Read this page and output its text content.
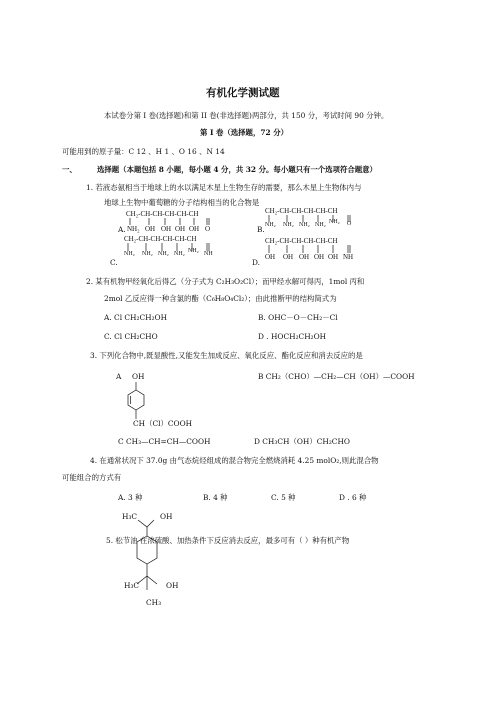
有机化学测试题
本试卷分第 I 卷(选择题)和第 II 卷(非选择题)两部分，共 150 分，考试时间 90 分钟。
第 I 卷（选择题，72 分）
可能用到的原子量：C 12 、H 1 、O 16 、N 14
一、	选择题（本题包括 8 小题，每小题 4 分，共 32 分。每小题只有一个选项符合题意）
1. 若液态氨相当于地球上的水以满足木星上生物生存的需要，那么木星上生物体内与
地球上生物中葡萄糖的分子结构相当的化合物是
CH₂-CH-CH-CH-CH-CH
NH₂ OH OH OH OH O
A.
CH₂-CH-CH-CH-CH-CH
NH₂ NH₂ NH₂ NH₂ NH₂ O
B.
CH₂-CH-CH-CH-CH-CH
NH₂ NH₂ NH₂ NH₂ NH₂ NH
C.
CH₂-CH-CH-CH-CH-CH
OH OH OH OH OH NH
D.
2. 某有机物甲经氧化后得乙（分子式为 C₂H₃O₂Cl）；而甲经水解可得丙，1mol 丙和
2mol 乙反应得一种含氯的酯（C₆H₈O₄Cl₂）；由此推断甲的结构简式为
A. Cl CH₂CH₂OH	B. OHC－O－CH₂－Cl
C. Cl CH₂CHO	D . HOCH₂CH₂OH
3. 下列化合物中,既显酸性,又能发生加成反应、氧化反应、酯化反应和消去反应的是
A OH	B CH₂（CHO）—CH₂—CH（OH）—COOH
CH（Cl）COOH
C CH₃—CH=CH—COOH	D CH₃CH（OH）CH₂CHO
4. 在通常状况下 37.0g 由气态烷烃组成的混合物完全燃烧消耗 4.25 molO₂,则此混合物
可能组合的方式有
A. 3 种	B. 4 种	C. 5 种	D . 6 种
H₃C	OH
5. 松节油 在浓硫酸、加热条件下反应消去反应，最多可有（ ）种有机产物
H₃C	OH
CH₃
